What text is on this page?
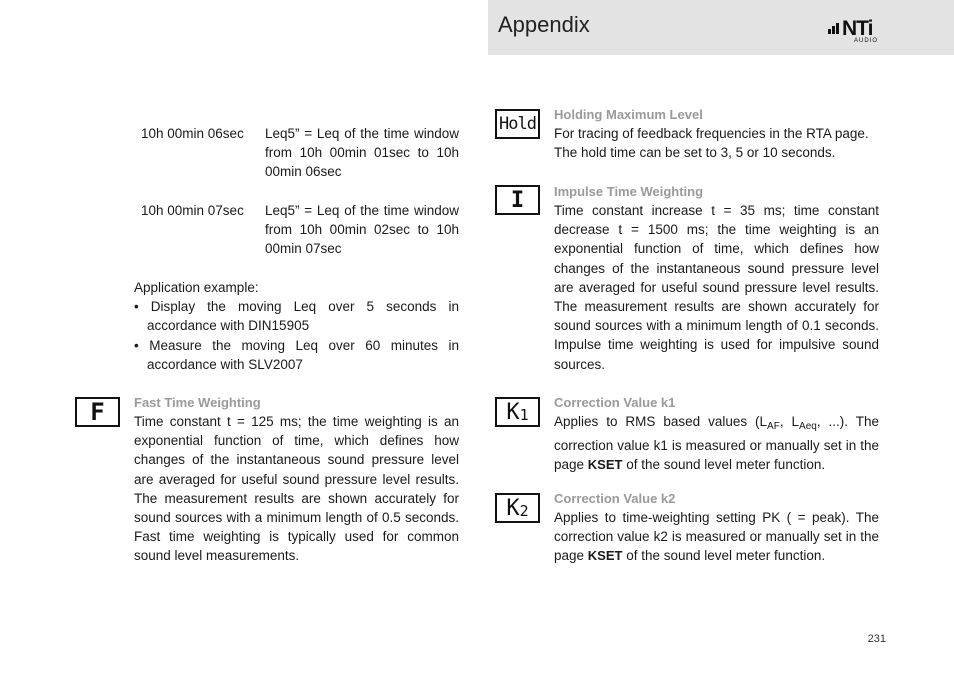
Appendix	NTi
AUDIO
10h 00min 06sec	Leq5” = Leq of the time window from 10h 00min 01sec to 10h 00min 06sec
10h 00min 07sec	Leq5” = Leq of the time window from 10h 00min 02sec to 10h 00min 07sec
Application example:
• Display the moving Leq over 5 seconds in accordance with DIN15905
• Measure the moving Leq over 60 minutes in accordance with SLV2007
F	Fast Time Weighting
Time constant t = 125 ms; the time weighting is an exponential function of time, which defines how changes of the instantaneous sound pressure level are averaged for useful sound pressure level results. The measurement results are shown accurately for sound sources with a minimum length of 0.5 seconds. Fast time weighting is typically used for common sound level measurements.
Hold	Holding Maximum Level
For tracing of feedback frequencies in the RTA page. The hold time can be set to 3, 5 or 10 seconds.
I	Impulse Time Weighting
Time constant increase t = 35 ms; time constant decrease t = 1500 ms; the time weighting is an exponential function of time, which defines how changes of the instantaneous sound pressure level are averaged for useful sound pressure level results. The measurement results are shown accurately for sound sources with a minimum length of 0.1 seconds. Impulse time weighting is used for impulsive sound sources.
K 1
Correction Value k1
Applies to RMS based values ($L_{AF}$, $L_{Aeq}$, ...). The correction value k1 is measured or manually set in the page KSET of the sound level meter function.
K 2
Correction Value k2
Applies to time-weighting setting PK ( = peak). The correction value k2 is measured or manually set in the page KSET of the sound level meter function.
231
